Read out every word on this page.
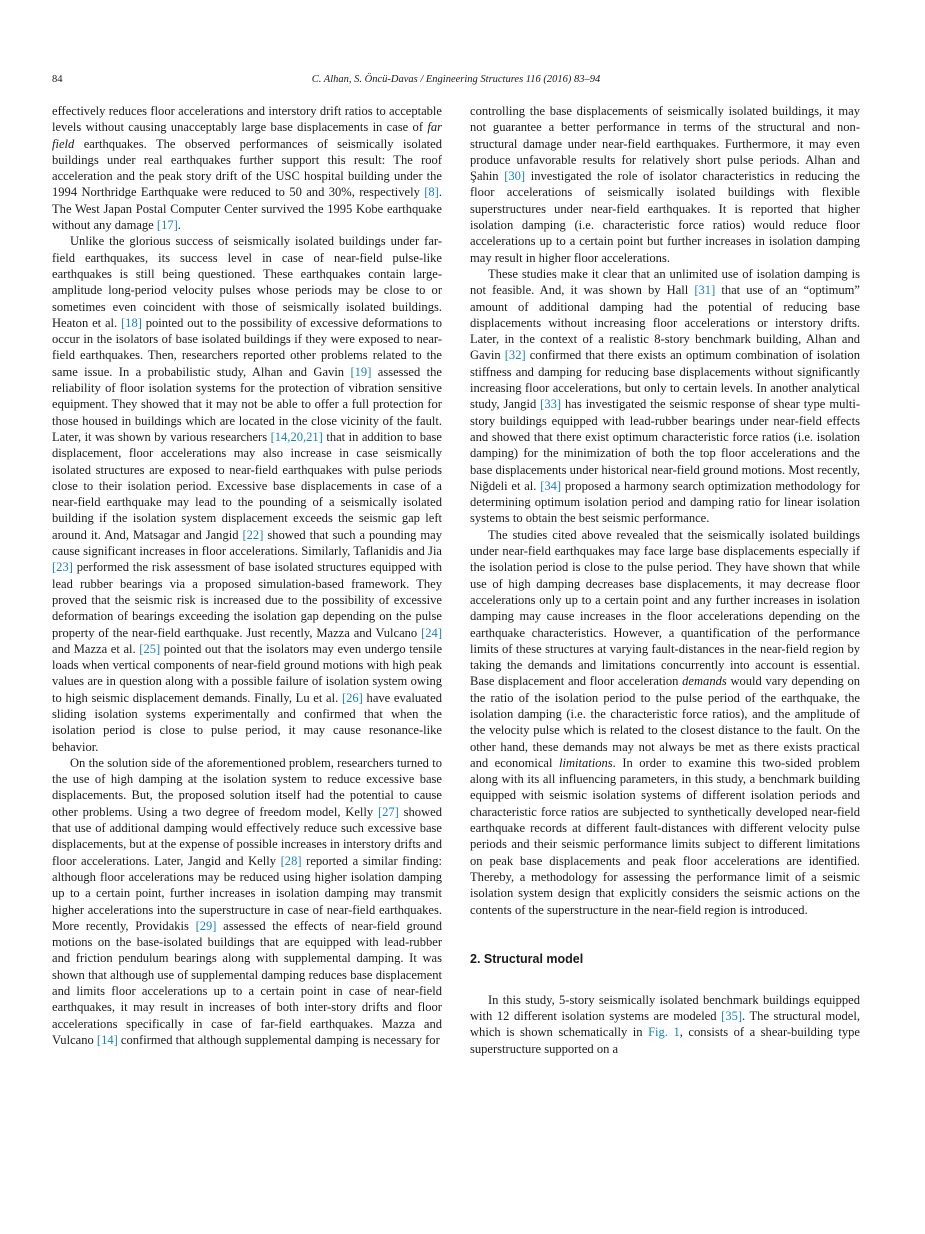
84	C. Alhan, S. Öncü-Davas / Engineering Structures 116 (2016) 83–94

effectively reduces floor accelerations and interstory drift ratios to acceptable levels without causing unacceptably large base displacements in case of far field earthquakes. The observed performances of seismically isolated buildings under real earthquakes further support this result: The roof acceleration and the peak story drift of the USC hospital building under the 1994 Northridge Earthquake were reduced to 50 and 30%, respectively [8]. The West Japan Postal Computer Center survived the 1995 Kobe earthquake without any damage [17].

Unlike the glorious success of seismically isolated buildings under far-field earthquakes, its success level in case of near-field pulse-like earthquakes is still being questioned. These earthquakes contain large-amplitude long-period velocity pulses whose periods may be close to or sometimes even coincident with those of seismically isolated buildings. Heaton et al. [18] pointed out to the possibility of excessive deformations to occur in the isolators of base isolated buildings if they were exposed to near-field earthquakes. Then, researchers reported other problems related to the same issue. In a probabilistic study, Alhan and Gavin [19] assessed the reliability of floor isolation systems for the protection of vibration sensitive equipment. They showed that it may not be able to offer a full protection for those housed in buildings which are located in the close vicinity of the fault. Later, it was shown by various researchers [14,20,21] that in addition to base displacement, floor accelerations may also increase in case seismically isolated structures are exposed to near-field earthquakes with pulse periods close to their isolation period. Excessive base displacements in case of a near-field earthquake may lead to the pounding of a seismically isolated building if the isolation system displacement exceeds the seismic gap left around it. And, Matsagar and Jangid [22] showed that such a pounding may cause significant increases in floor accelerations. Similarly, Taflanidis and Jia [23] performed the risk assessment of base isolated structures equipped with lead rubber bearings via a proposed simulation-based framework. They proved that the seismic risk is increased due to the possibility of excessive deformation of bearings exceeding the isolation gap depending on the pulse property of the near-field earthquake. Just recently, Mazza and Vulcano [24] and Mazza et al. [25] pointed out that the isolators may even undergo tensile loads when vertical components of near-field ground motions with high peak values are in question along with a possible failure of isolation system owing to high seismic displacement demands. Finally, Lu et al. [26] have evaluated sliding isolation systems experimentally and confirmed that when the isolation period is close to pulse period, it may cause resonance-like behavior.

On the solution side of the aforementioned problem, researchers turned to the use of high damping at the isolation system to reduce excessive base displacements. But, the proposed solution itself had the potential to cause other problems. Using a two degree of freedom model, Kelly [27] showed that use of additional damping would effectively reduce such excessive base displacements, but at the expense of possible increases in interstory drifts and floor accelerations. Later, Jangid and Kelly [28] reported a similar finding: although floor accelerations may be reduced using higher isolation damping up to a certain point, further increases in isolation damping may transmit higher accelerations into the superstructure in case of near-field earthquakes. More recently, Providakis [29] assessed the effects of near-field ground motions on the base-isolated buildings that are equipped with lead-rubber and friction pendulum bearings along with supplemental damping. It was shown that although use of supplemental damping reduces base displacement and limits floor accelerations up to a certain point in case of near-field earthquakes, it may result in increases of both inter-story drifts and floor accelerations specifically in case of far-field earthquakes. Mazza and Vulcano [14] confirmed that although supplemental damping is necessary for

controlling the base displacements of seismically isolated buildings, it may not guarantee a better performance in terms of the structural and non-structural damage under near-field earthquakes. Furthermore, it may even produce unfavorable results for relatively short pulse periods. Alhan and Şahin [30] investigated the role of isolator characteristics in reducing the floor accelerations of seismically isolated buildings with flexible superstructures under near-field earthquakes. It is reported that higher isolation damping (i.e. characteristic force ratios) would reduce floor accelerations up to a certain point but further increases in isolation damping may result in higher floor accelerations.

These studies make it clear that an unlimited use of isolation damping is not feasible. And, it was shown by Hall [31] that use of an “optimum” amount of additional damping had the potential of reducing base displacements without increasing floor accelerations or interstory drifts. Later, in the context of a realistic 8-story benchmark building, Alhan and Gavin [32] confirmed that there exists an optimum combination of isolation stiffness and damping for reducing base displacements without significantly increasing floor accelerations, but only to certain levels. In another analytical study, Jangid [33] has investigated the seismic response of shear type multi-story buildings equipped with lead-rubber bearings under near-field effects and showed that there exist optimum characteristic force ratios (i.e. isolation damping) for the minimization of both the top floor accelerations and the base displacements under historical near-field ground motions. Most recently, Niğdeli et al. [34] proposed a harmony search optimization methodology for determining optimum isolation period and damping ratio for linear isolation systems to obtain the best seismic performance.

The studies cited above revealed that the seismically isolated buildings under near-field earthquakes may face large base displacements especially if the isolation period is close to the pulse period. They have shown that while use of high damping decreases base displacements, it may decrease floor accelerations only up to a certain point and any further increases in isolation damping may cause increases in the floor accelerations depending on the earthquake characteristics. However, a quantification of the performance limits of these structures at varying fault-distances in the near-field region by taking the demands and limitations concurrently into account is essential. Base displacement and floor acceleration demands would vary depending on the ratio of the isolation period to the pulse period of the earthquake, the isolation damping (i.e. the characteristic force ratios), and the amplitude of the velocity pulse which is related to the closest distance to the fault. On the other hand, these demands may not always be met as there exists practical and economical limitations. In order to examine this two-sided problem along with its all influencing parameters, in this study, a benchmark building equipped with seismic isolation systems of different isolation periods and characteristic force ratios are subjected to synthetically developed near-field earthquake records at different fault-distances with different velocity pulse periods and their seismic performance limits subject to different limitations on peak base displacements and peak floor accelerations are identified. Thereby, a methodology for assessing the performance limit of a seismic isolation system design that explicitly considers the seismic actions on the contents of the superstructure in the near-field region is introduced.

2. Structural model

In this study, 5-story seismically isolated benchmark buildings equipped with 12 different isolation systems are modeled [35]. The structural model, which is shown schematically in Fig. 1, consists of a shear-building type superstructure supported on a
